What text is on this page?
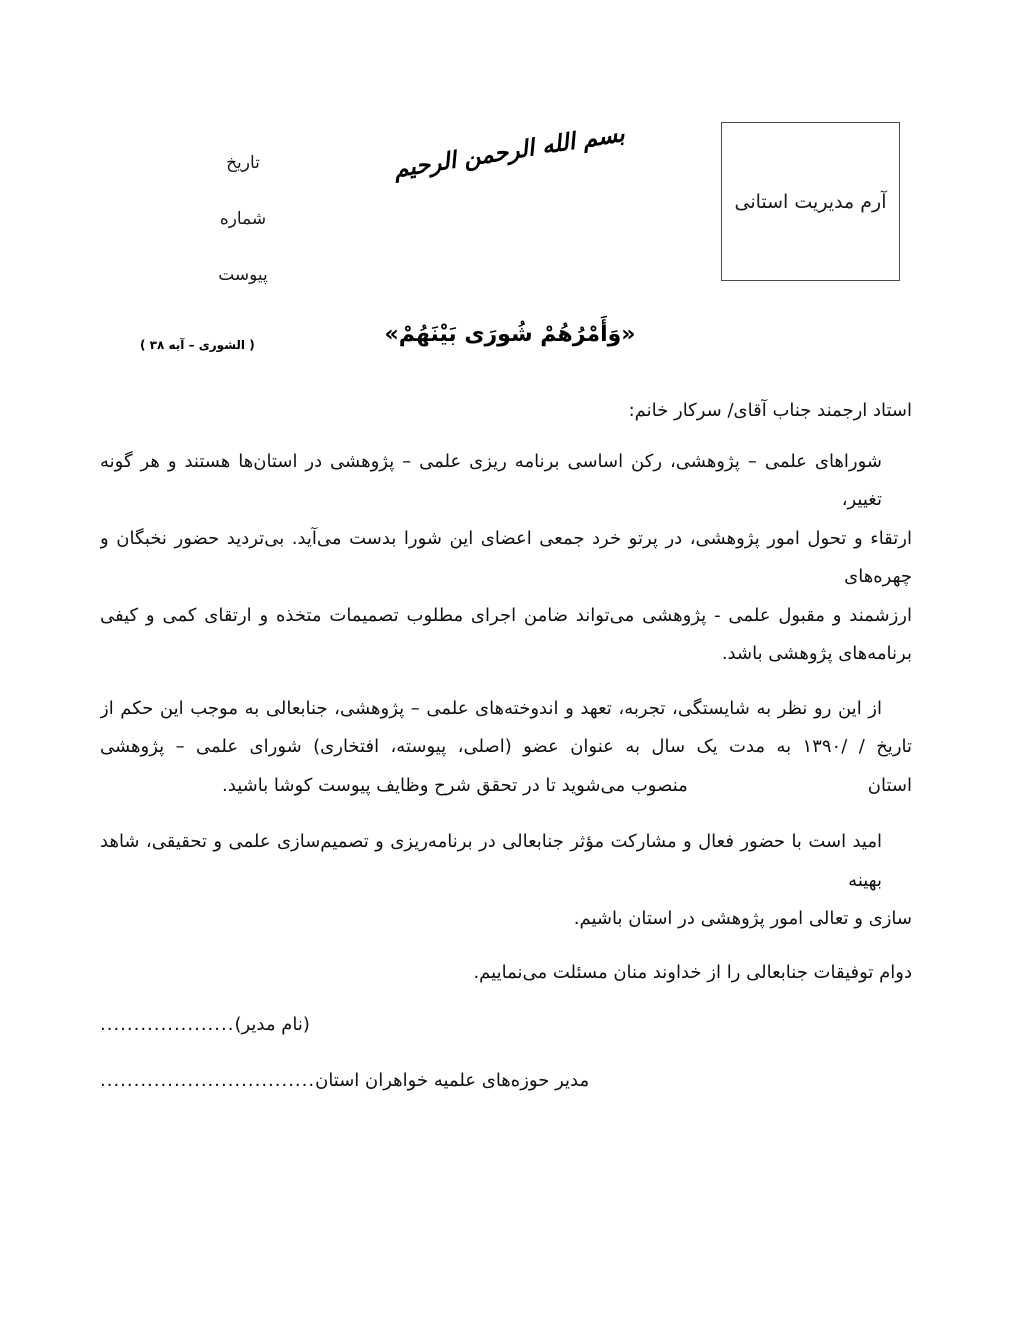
بسم الله الرحمن الرحیم
آرم مدیریت استانی
تاریخ
شماره
پیوست
«وَأَمْرُهُمْ شُورَى بَيْنَهُمْ»
( الشوری – آیه ۳۸ )
استاد ارجمند جناب آقای/ سرکار خانم:
شوراهای علمی – پژوهشی، رکن اساسی برنامه ریزی علمی – پژوهشی در استان‌ها هستند و هر گونه تغییر،
ارتقاء و تحول امور پژوهشی، در پرتو خرد جمعی اعضای این شورا بدست می‌آید. بی‌تردید حضور نخبگان و چهره‌های
ارزشمند و مقبول علمی - پژوهشی می‌تواند ضامن اجرای مطلوب تصمیمات متخذه و ارتقای کمی و کیفی
برنامه‌های پژوهشی باشد.
از این رو نظر به شایستگی، تجربه، تعهد و اندوخته‌های علمی – پژوهشی، جنابعالی به موجب این حکم از
تاریخ / /۱۳۹۰ به مدت یک سال به عنوان عضو (اصلی، پیوسته، افتخاری) شورای علمی – پژوهشی
استانمنصوب می‌شوید تا در تحقق شرح وظایف پیوست کوشا باشید.
امید است با حضور فعال و مشارکت مؤثر جنابعالی در برنامه‌ریزی و تصمیم‌سازی علمی و تحقیقی، شاهد بهینه
سازی و تعالی امور پژوهشی در استان باشیم.
دوام توفیقات جنابعالی را از خداوند منان مسئلت می‌نماییم.
.................... (نام مدیر)
................................ مدیر حوزه‌های علمیه خواهران استان
